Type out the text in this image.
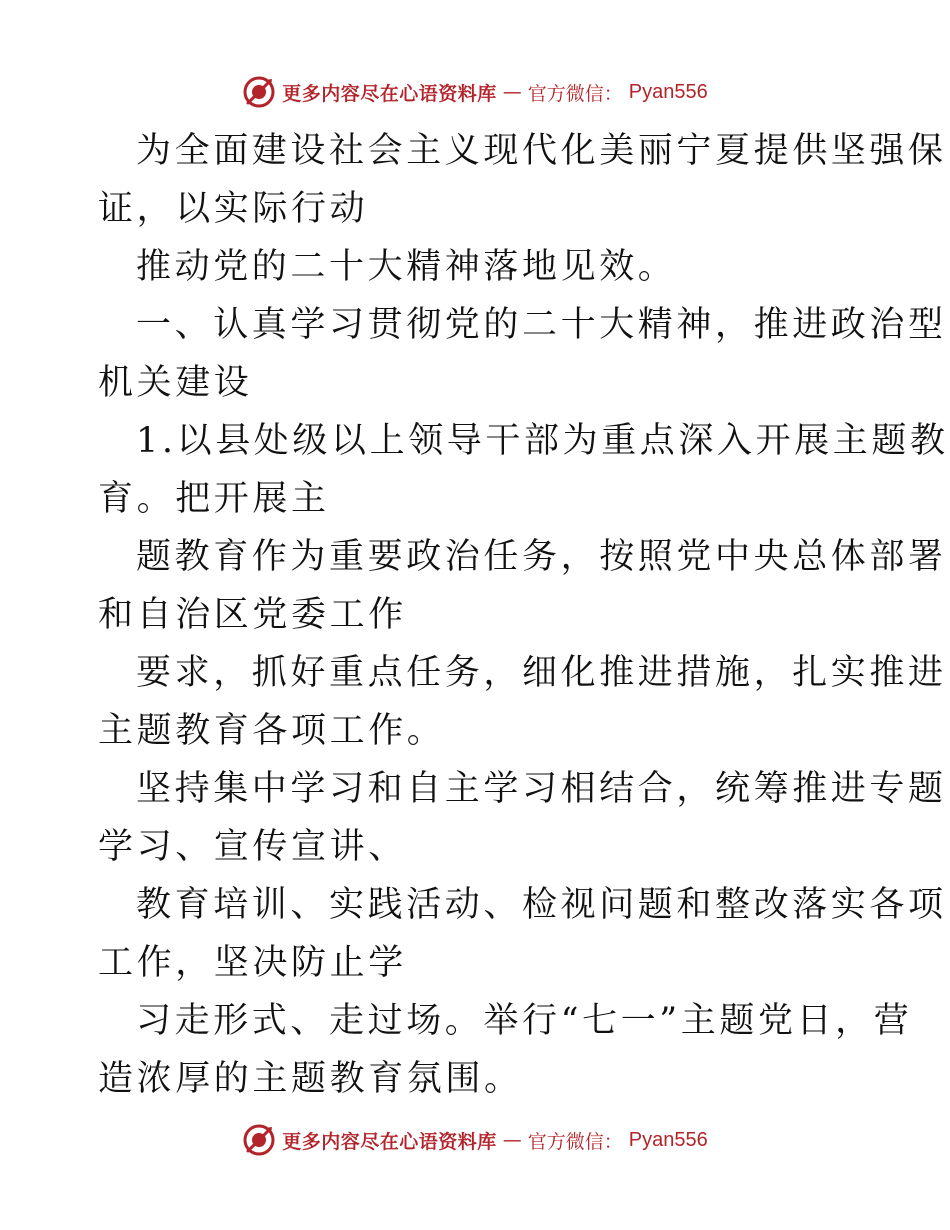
更多内容尽在心语资料库 — 官方微信： Pyan556
为全面建设社会主义现代化美丽宁夏提供坚强保
证，以实际行动
推动党的二十大精神落地见效。
一、认真学习贯彻党的二十大精神，推进政治型
机关建设
1.以县处级以上领导干部为重点深入开展主题教
育。把开展主
题教育作为重要政治任务，按照党中央总体部署
和自治区党委工作
要求，抓好重点任务，细化推进措施，扎实推进
主题教育各项工作。
坚持集中学习和自主学习相结合，统筹推进专题
学习、宣传宣讲、
教育培训、实践活动、检视问题和整改落实各项
工作，坚决防止学
习走形式、走过场。举行“七一”主题党日，营
造浓厚的主题教育氛围。
更多内容尽在心语资料库 — 官方微信： Pyan556
